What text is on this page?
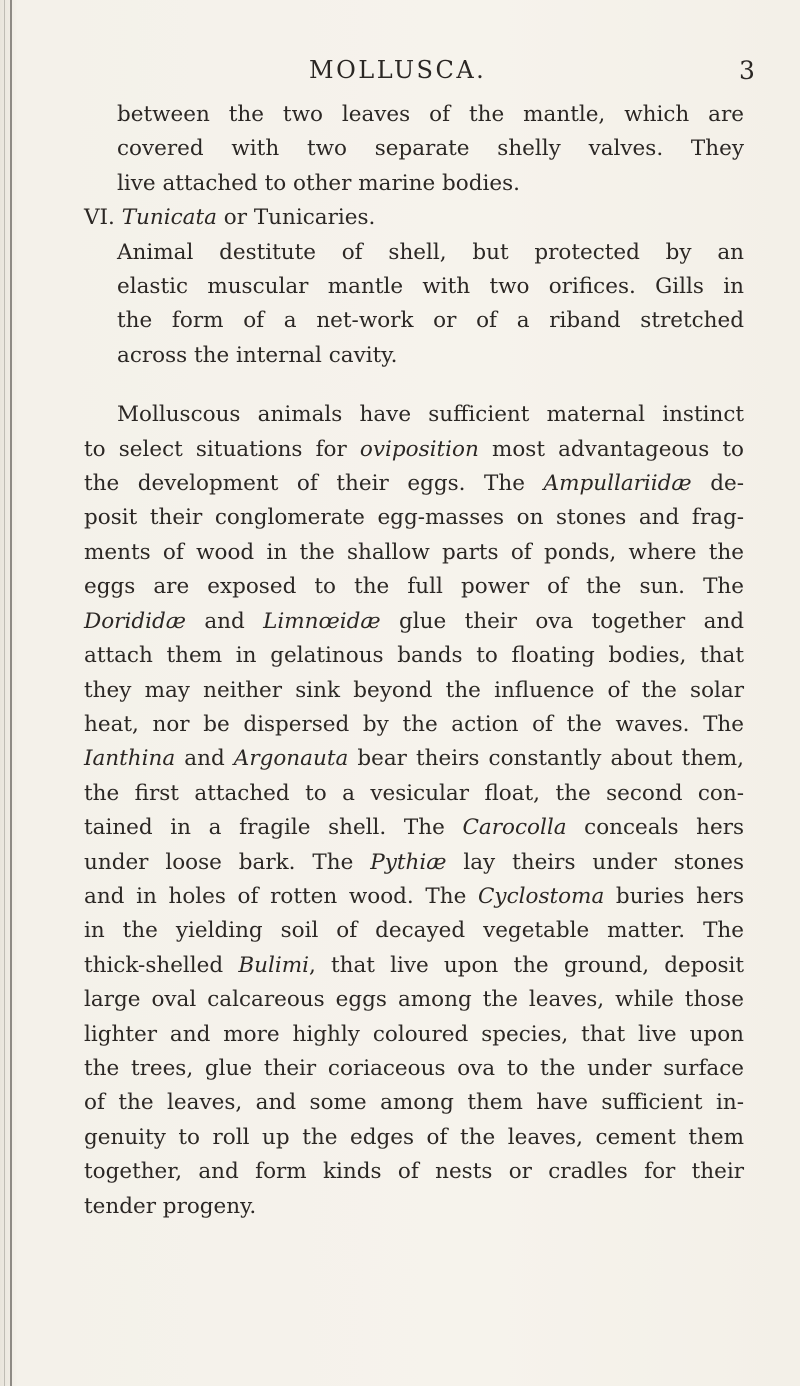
MOLLUSCA.	3
between the two leaves of the mantle, which are
covered with two separate shelly valves. They
live attached to other marine bodies.
VI. Tunicata or Tunicaries.
Animal destitute of shell, but protected by an
elastic muscular mantle with two orifices. Gills in
the form of a net-work or of a riband stretched
across the internal cavity.
Molluscous animals have sufficient maternal instinct
to select situations for oviposition most advantageous to
the development of their eggs. The Ampullariidæ de-
posit their conglomerate egg-masses on stones and frag-
ments of wood in the shallow parts of ponds, where the
eggs are exposed to the full power of the sun. The
Dorididæ and Limnœidæ glue their ova together and
attach them in gelatinous bands to floating bodies, that
they may neither sink beyond the influence of the solar
heat, nor be dispersed by the action of the waves. The
Ianthina and Argonauta bear theirs constantly about them,
the first attached to a vesicular float, the second con-
tained in a fragile shell. The Carocolla conceals hers
under loose bark. The Pythiæ lay theirs under stones
and in holes of rotten wood. The Cyclostoma buries hers
in the yielding soil of decayed vegetable matter. The
thick-shelled Bulimi, that live upon the ground, deposit
large oval calcareous eggs among the leaves, while those
lighter and more highly coloured species, that live upon
the trees, glue their coriaceous ova to the under surface
of the leaves, and some among them have sufficient in-
genuity to roll up the edges of the leaves, cement them
together, and form kinds of nests or cradles for their
tender progeny.
